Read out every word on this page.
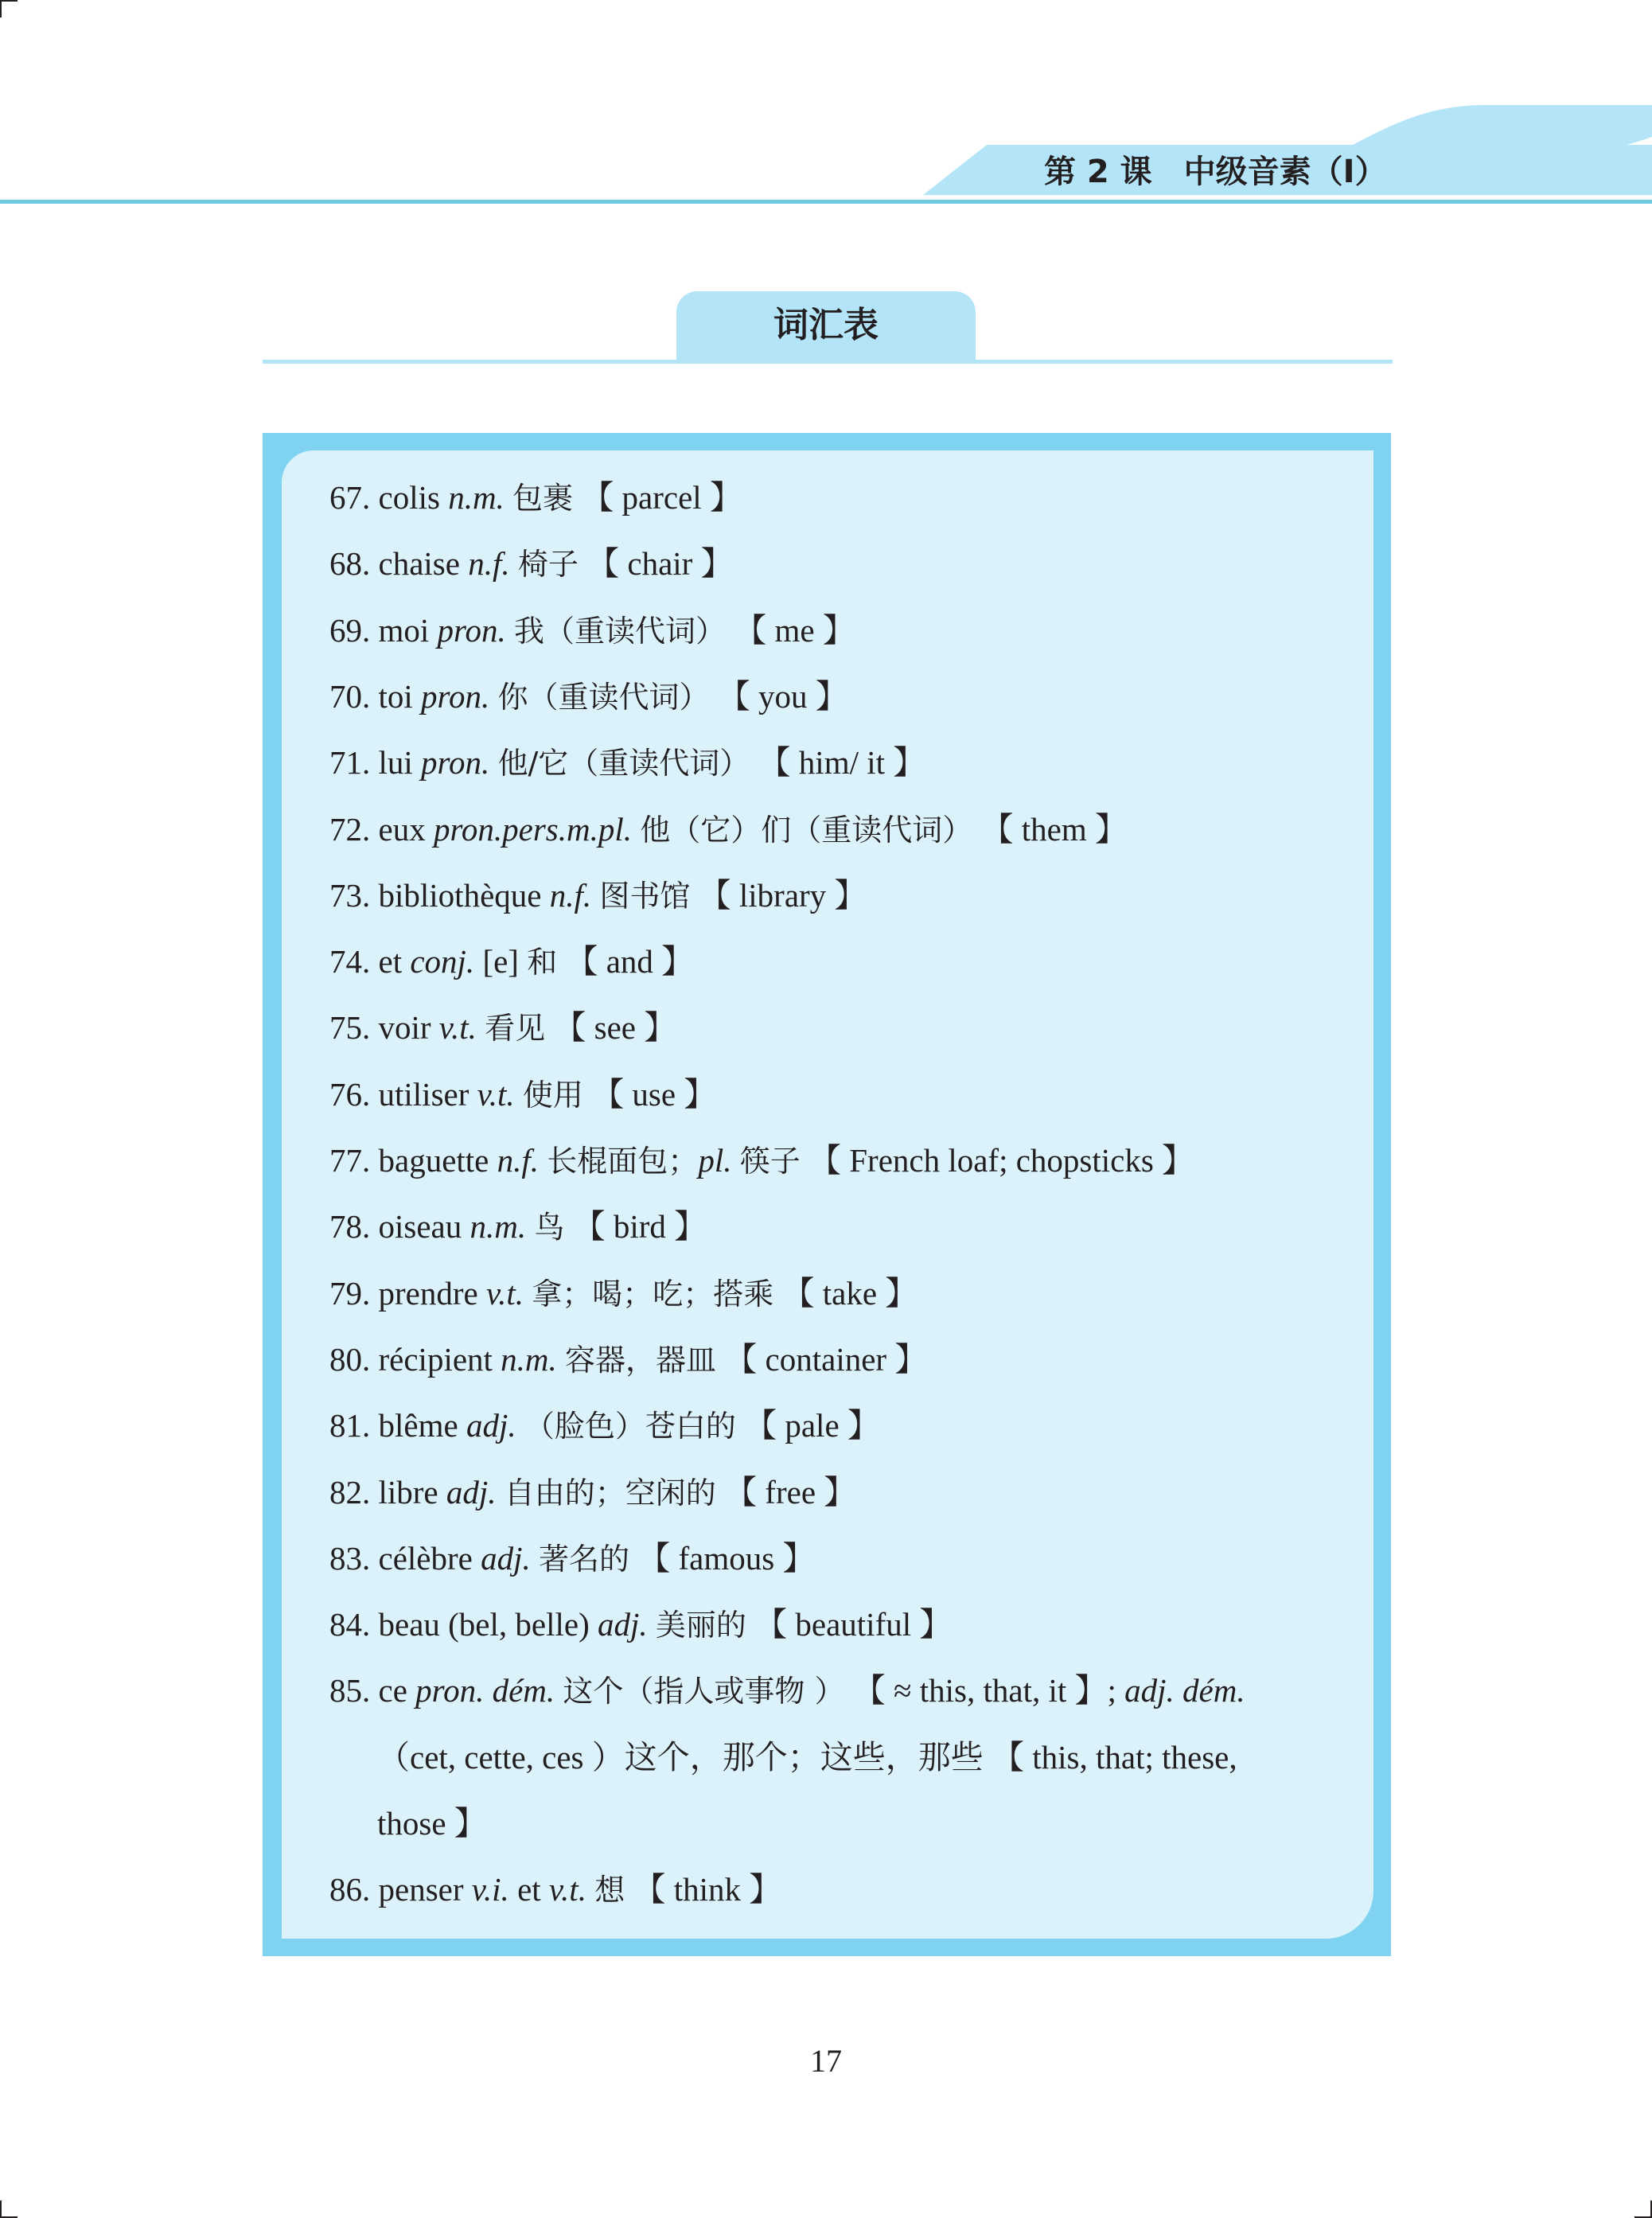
第 2 课　中级音素（I）
词汇表
67. colis n.m. 包裹 【 parcel 】
68. chaise n.f. 椅子 【 chair 】
69. moi pron. 我（重读代词） 【 me 】
70. toi pron. 你（重读代词） 【 you 】
71. lui pron. 他/它（重读代词） 【 him/ it 】
72. eux pron.pers.m.pl. 他（它）们（重读代词） 【 them 】
73. bibliothèque n.f. 图书馆 【 library 】
74. et conj. [e] 和 【 and 】
75. voir v.t. 看见 【 see 】
76. utiliser v.t. 使用 【 use 】
77. baguette n.f. 长棍面包；pl. 筷子 【 French loaf; chopsticks 】
78. oiseau n.m. 鸟 【 bird 】
79. prendre v.t. 拿；喝；吃；搭乘 【 take 】
80. récipient n.m. 容器，器皿 【 container 】
81. blême adj. （脸色）苍白的 【 pale 】
82. libre adj. 自由的；空闲的 【 free 】
83. célèbre adj. 著名的 【 famous 】
84. beau (bel, belle) adj. 美丽的 【 beautiful 】
85. ce pron. dém. 这个（指人或事物 ） 【 ≈ this, that, it 】; adj. dém.
（cet, cette, ces ）这个，那个；这些，那些 【 this, that; these,
those 】
86. penser v.i. et v.t. 想 【 think 】
17
